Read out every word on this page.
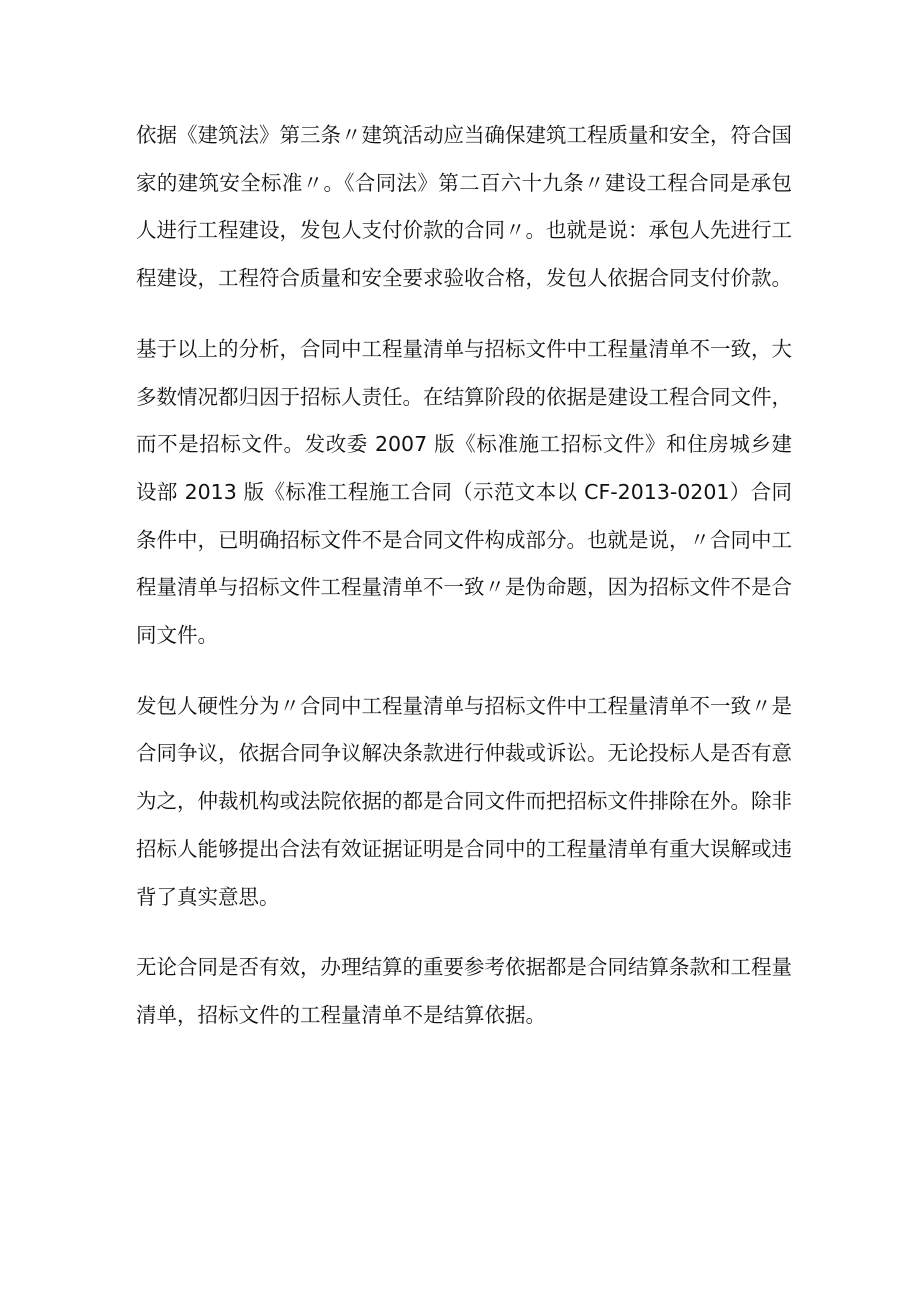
依据《建筑法》第三条〃建筑活动应当确保建筑工程质量和安全，符合国家的建筑安全标准〃。《合同法》第二百六十九条〃建设工程合同是承包人进行工程建设，发包人支付价款的合同〃。也就是说：承包人先进行工程建设，工程符合质量和安全要求验收合格，发包人依据合同支付价款。

基于以上的分析，合同中工程量清单与招标文件中工程量清单不一致，大多数情况都归因于招标人责任。在结算阶段的依据是建设工程合同文件，而不是招标文件。发改委 2007 版《标准施工招标文件》和住房城乡建设部 2013 版《标准工程施工合同（示范文本以 CF-2013-0201）合同条件中，已明确招标文件不是合同文件构成部分。也就是说，〃合同中工程量清单与招标文件工程量清单不一致〃是伪命题，因为招标文件不是合同文件。

发包人硬性分为〃合同中工程量清单与招标文件中工程量清单不一致〃是合同争议，依据合同争议解决条款进行仲裁或诉讼。无论投标人是否有意为之，仲裁机构或法院依据的都是合同文件而把招标文件排除在外。除非招标人能够提出合法有效证据证明是合同中的工程量清单有重大误解或违背了真实意思。

无论合同是否有效，办理结算的重要参考依据都是合同结算条款和工程量清单，招标文件的工程量清单不是结算依据。
